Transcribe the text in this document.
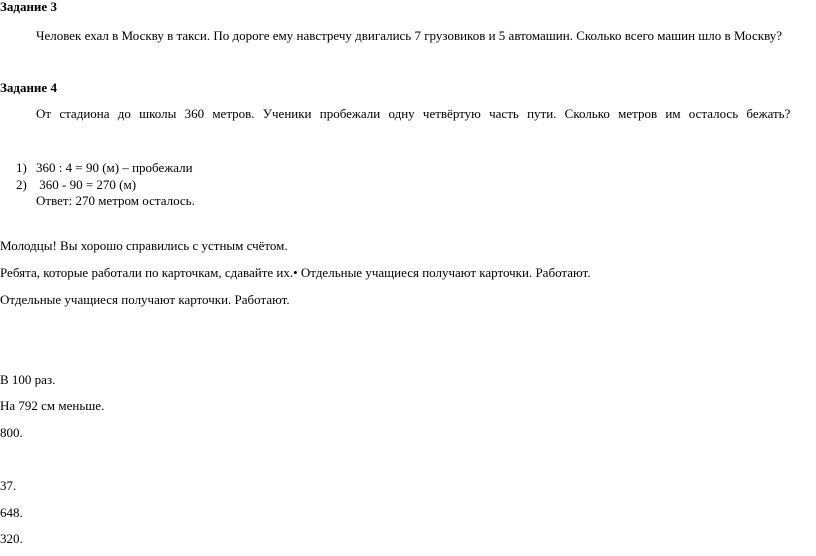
Задание 3
Человек ехал в Москву в такси. По дороге ему навстречу двигались 7 грузовиков и 5 автомашин. Сколько всего машин шло в Москву?
Задание 4
От стадиона до школы 360 метров. Ученики пробежали одну четвёртую часть пути. Сколько метров им осталось бежать?
1) 360 : 4 = 90 (м) – пробежали
2) 360 - 90 = 270 (м)
Ответ: 270 метром осталось.
Молодцы! Вы хорошо справились с устным счётом.
Ребята, которые работали по карточкам, сдавайте их.• Отдельные учащиеся получают карточки. Работают.
Отдельные учащиеся получают карточки. Работают.
В 100 раз.
На 792 см меньше.
800.
37.
648.
320.
